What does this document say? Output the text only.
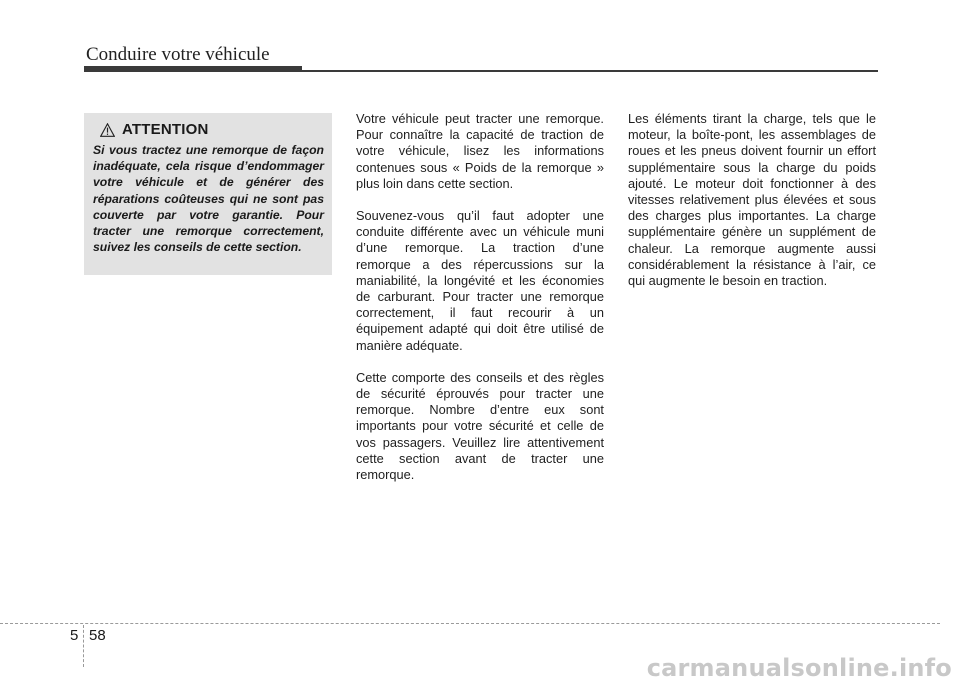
Conduire votre véhicule
ATTENTION

Si vous tractez une remorque de façon inadéquate, cela risque d’endommager votre véhicule et de générer des réparations coûteuses qui ne sont pas couverte par votre garantie. Pour tracter une remorque correctement, suivez les conseils de cette section.

Votre véhicule peut tracter une remorque. Pour connaître la capacité de traction de votre véhicule, lisez les informations contenues sous « Poids de la remorque » plus loin dans cette section.

Souvenez-vous qu’il faut adopter une conduite différente avec un véhicule muni d’une remorque. La traction d’une remorque a des répercussions sur la maniabilité, la longévité et les économies de carburant. Pour tracter une remorque correctement, il faut recourir à un équipement adapté qui doit être utilisé de manière adéquate.

Cette comporte des conseils et des règles de sécurité éprouvés pour tracter une remorque. Nombre d’entre eux sont importants pour votre sécurité et celle de vos passagers. Veuillez lire attentivement cette section avant de tracter une remorque.

Les éléments tirant la charge, tels que le moteur, la boîte-pont, les assemblages de roues et les pneus doivent fournir un effort supplémentaire sous la charge du poids ajouté. Le moteur doit fonctionner à des vitesses relativement plus élevées et sous des charges plus importantes. La charge supplémentaire génère un supplément de chaleur. La remorque augmente aussi considérablement la résistance à l’air, ce qui augmente le besoin en traction.

5 58
carmanualsonline.info
